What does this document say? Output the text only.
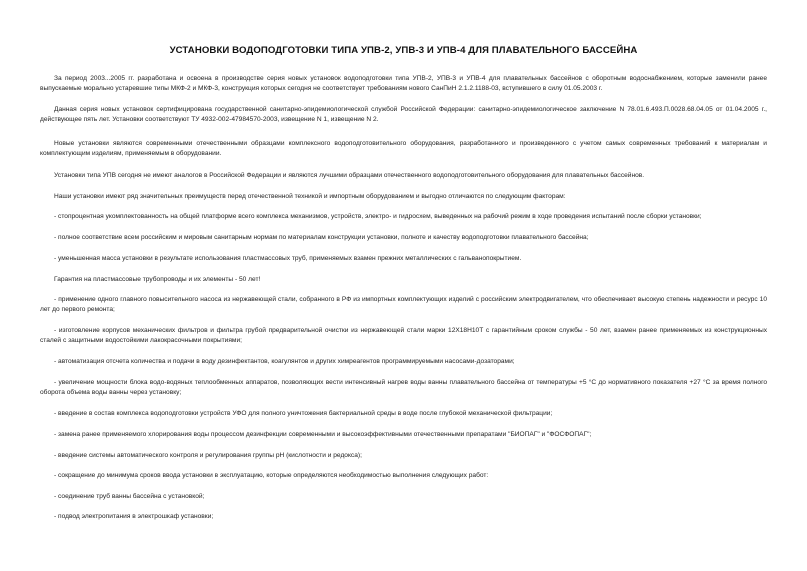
УСТАНОВКИ ВОДОПОДГОТОВКИ ТИПА УПВ-2, УПВ-3 И УПВ-4 ДЛЯ ПЛАВАТЕЛЬНОГО БАССЕЙНА

За период 2003...2005 гг. разработана и освоена в производстве серия новых установок водоподготовки типа УПВ-2, УПВ-3 и УПВ-4 для плавательных бассейнов с оборотным водоснабжением, которые заменили ранее выпускаемые морально устаревшие типы МКФ-2 и МКФ-3, конструкция которых сегодня не соответствует требованиям нового СанПиН 2.1.2.1188-03, вступившего в силу 01.05.2003 г.

Данная серия новых установок сертифицирована государственной санитарно-эпидемиологической службой Российской Федерации: санитарно-эпидемиологическое заключение N 78.01.6.493.П.0028.68.04.05 от 01.04.2005 г., действующее пять лет. Установки соответствуют ТУ 4932-002-47984570-2003, извещение N 1, извещение N 2.

Новые установки являются современными отечественными образцами комплексного водоподготовительного оборудования, разработанного и произведенного с учетом самых современных требований к материалам и комплектующим изделиям, применяемым в оборудовании.

Установки типа УПВ сегодня не имеют аналогов в Российской Федерации и являются лучшими образцами отечественного водоподготовительного оборудования для плавательных бассейнов.

Наши установки имеют ряд значительных преимуществ перед отечественной техникой и импортным оборудованием и выгодно отличаются по следующим факторам:

- стопроцентная укомплектованность на общей платформе всего комплекса механизмов, устройств, электро- и гидросхем, выведенных на рабочий режим в ходе проведения испытаний после сборки установки;

- полное соответствие всем российским и мировым санитарным нормам по материалам конструкции установки, полноте и качеству водоподготовки плавательного бассейна;

- уменьшенная масса установки в результате использования пластмассовых труб, применяемых взамен прежних металлических с гальванопокрытием.

Гарантия на пластмассовые трубопроводы и их элементы - 50 лет!

- применение одного главного повысительного насоса из нержавеющей стали, собранного в РФ из импортных комплектующих изделий с российским электродвигателем, что обеспечивает высокую степень надежности и ресурс 10 лет до первого ремонта;

- изготовление корпусов механических фильтров и фильтра грубой предварительной очистки из нержавеющей стали марки 12Х18Н10Т с гарантийным сроком службы - 50 лет, взамен ранее применяемых из конструкционных сталей с защитными водостойкими лакокрасочными покрытиями;

- автоматизация отсчета количества и подачи в воду дезинфектантов, коагулянтов и других химреагентов программируемыми насосами-дозаторами;

- увеличение мощности блока водо-водяных теплообменных аппаратов, позволяющих вести интенсивный нагрев воды ванны плавательного бассейна от температуры +5 °С до нормативного показателя +27 °С за время полного оборота объема воды ванны через установку;

- введение в состав комплекса водоподготовки устройств УФО для полного уничтожения бактериальной среды в воде после глубокой механической фильтрации;

- замена ранее применяемого хлорирования воды процессом дезинфекции современными и высокоэффективными отечественными препаратами "БИОПАГ" и "ФОСФОПАГ";

- введение системы автоматического контроля и регулирования группы рН (кислотности и редокса);

- сокращение до минимума сроков ввода установки в эксплуатацию, которые определяются необходимостью выполнения следующих работ:

- соединение труб ванны бассейна с установкой;

- подвод электропитания в электрошкаф установки;
